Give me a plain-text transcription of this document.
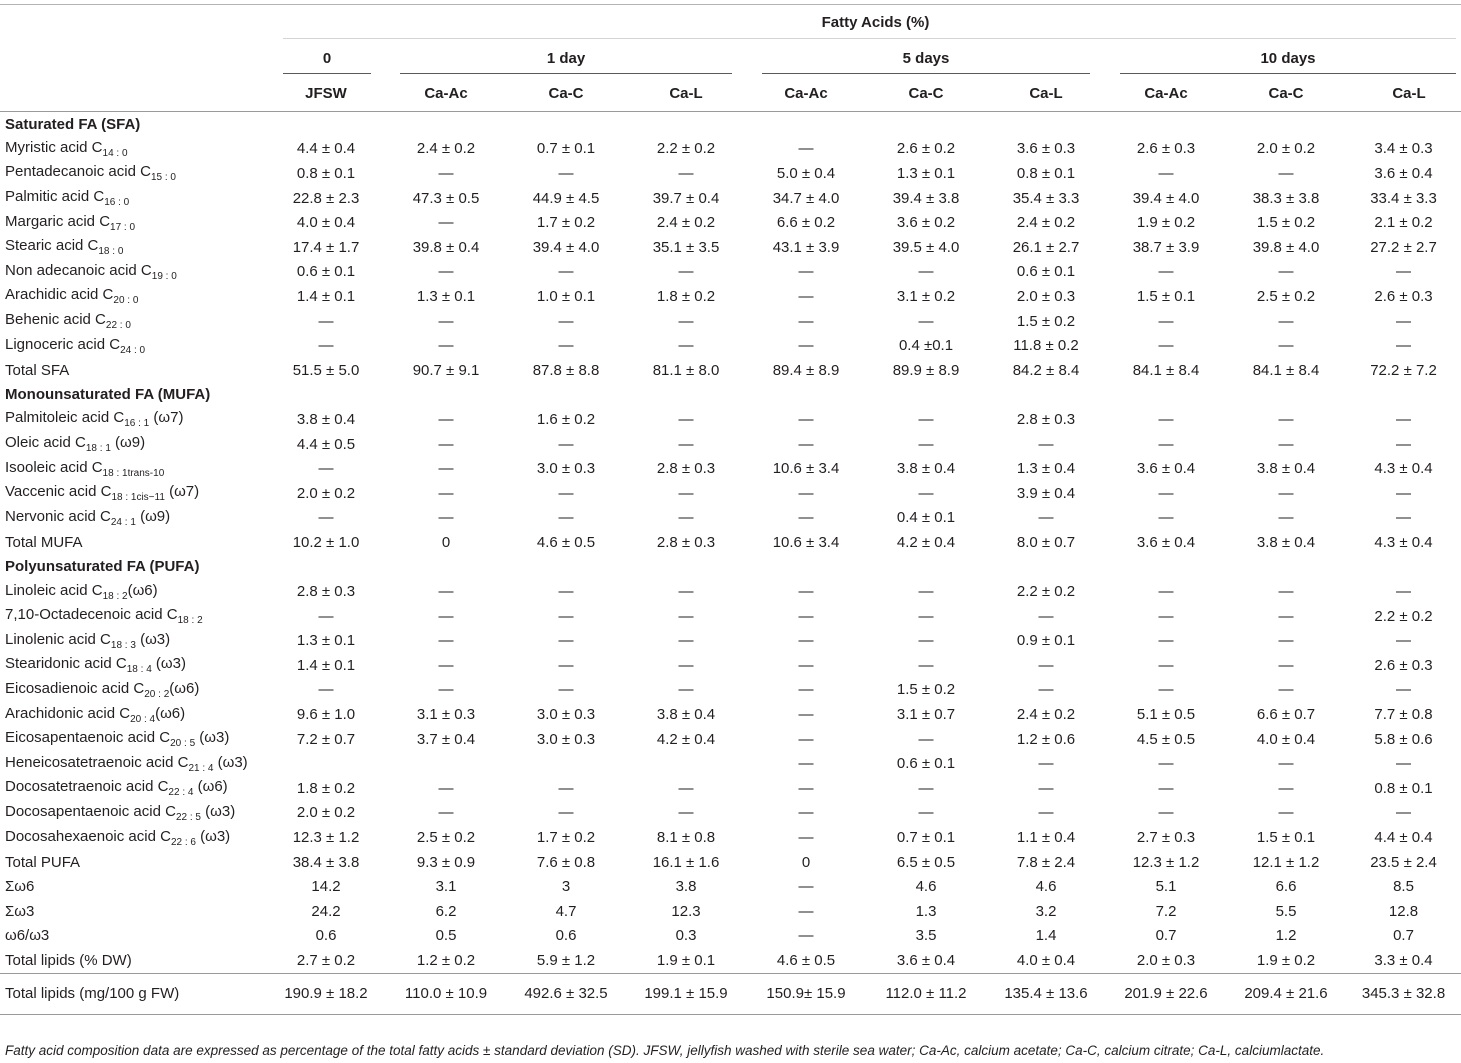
Fatty Acids (%)
0	1 day	5 days	10 days
JFSW	Ca-Ac	Ca-C	Ca-L	Ca-Ac	Ca-C	Ca-L	Ca-Ac	Ca-C	Ca-L
Saturated FA (SFA)										
Myristic acid $C_{14 : 0}$	4.4 ± 0.4	2.4 ± 0.2	0.7 ± 0.1	2.2 ± 0.2	—	2.6 ± 0.2	3.6 ± 0.3	2.6 ± 0.3	2.0 ± 0.2	3.4 ± 0.3
Pentadecanoic acid $C_{15 : 0}$	0.8 ± 0.1	—	—	—	5.0 ± 0.4	1.3 ± 0.1	0.8 ± 0.1	—	—	3.6 ± 0.4
Palmitic acid $C_{16 : 0}$	22.8 ± 2.3	47.3 ± 0.5	44.9 ± 4.5	39.7 ± 0.4	34.7 ± 4.0	39.4 ± 3.8	35.4 ± 3.3	39.4 ± 4.0	38.3 ± 3.8	33.4 ± 3.3
Margaric acid $C_{17 : 0}$	4.0 ± 0.4	—	1.7 ± 0.2	2.4 ± 0.2	6.6 ± 0.2	3.6 ± 0.2	2.4 ± 0.2	1.9 ± 0.2	1.5 ± 0.2	2.1 ± 0.2
Stearic acid $C_{18 : 0}$	17.4 ± 1.7	39.8 ± 0.4	39.4 ± 4.0	35.1 ± 3.5	43.1 ± 3.9	39.5 ± 4.0	26.1 ± 2.7	38.7 ± 3.9	39.8 ± 4.0	27.2 ± 2.7
Non adecanoic acid $C_{19 : 0}$	0.6 ± 0.1	—	—	—	—	—	0.6 ± 0.1	—	—	—
Arachidic acid $C_{20 : 0}$	1.4 ± 0.1	1.3 ± 0.1	1.0 ± 0.1	1.8 ± 0.2	—	3.1 ± 0.2	2.0 ± 0.3	1.5 ± 0.1	2.5 ± 0.2	2.6 ± 0.3
Behenic acid $C_{22 : 0}$	—	—	—	—	—	—	1.5 ± 0.2	—	—	—
Lignoceric acid $C_{24 : 0}$	—	—	—	—	—	0.4 ±0.1	11.8 ± 0.2	—	—	—
Total SFA	51.5 ± 5.0	90.7 ± 9.1	87.8 ± 8.8	81.1 ± 8.0	89.4 ± 8.9	89.9 ± 8.9	84.2 ± 8.4	84.1 ± 8.4	84.1 ± 8.4	72.2 ± 7.2
Monounsaturated FA (MUFA)										
Palmitoleic acid $C_{16 : 1}$ (ω7)	3.8 ± 0.4	—	1.6 ± 0.2	—	—	—	2.8 ± 0.3	—	—	—
Oleic acid $C_{18 : 1}$ (ω9)	4.4 ± 0.5	—	—	—	—	—	—	—	—	—
Isooleic acid $C_{18 : 1trans-10}$	—	—	3.0 ± 0.3	2.8 ± 0.3	10.6 ± 3.4	3.8 ± 0.4	1.3 ± 0.4	3.6 ± 0.4	3.8 ± 0.4	4.3 ± 0.4
Vaccenic acid $C_{18 : 1cis-11}$ (ω7)	2.0 ± 0.2	—	—	—	—	—	3.9 ± 0.4	—	—	—
Nervonic acid $C_{24 : 1}$ (ω9)	—	—	—	—	—	0.4 ± 0.1	—	—	—	—
Total MUFA	10.2 ± 1.0	0	4.6 ± 0.5	2.8 ± 0.3	10.6 ± 3.4	4.2 ± 0.4	8.0 ± 0.7	3.6 ± 0.4	3.8 ± 0.4	4.3 ± 0.4
Polyunsaturated FA (PUFA)										
Linoleic acid $C_{18 : 2}(\omega 6)$	2.8 ± 0.3	—	—	—	—	—	2.2 ± 0.2	—	—	—
7,10-Octadecenoic acid $C_{18 : 2}$	—	—	—	—	—	—	—	—	—	2.2 ± 0.2
Linolenic acid $C_{18 : 3}$ (ω3)	1.3 ± 0.1	—	—	—	—	—	0.9 ± 0.1	—	—	—
Stearidonic acid $C_{18 : 4}$ (ω3)	1.4 ± 0.1	—	—	—	—	—	—	—	—	2.6 ± 0.3
Eicosadienoic acid $C_{20 : 2}(\omega 6)$	—	—	—	—	—	1.5 ± 0.2	—	—	—	—
Arachidonic acid $C_{20 : 4}(\omega 6)$	9.6 ± 1.0	3.1 ± 0.3	3.0 ± 0.3	3.8 ± 0.4	—	3.1 ± 0.7	2.4 ± 0.2	5.1 ± 0.5	6.6 ± 0.7	7.7 ± 0.8
Eicosapentaenoic acid $C_{20 : 5}$ (ω3)	7.2 ± 0.7	3.7 ± 0.4	3.0 ± 0.3	4.2 ± 0.4	—	—	1.2 ± 0.6	4.5 ± 0.5	4.0 ± 0.4	5.8 ± 0.6
Heneicosatetraenoic acid $C_{21 : 4}$ (ω3)					—	0.6 ± 0.1	—	—	—	—
Docosatetraenoic acid $C_{22 : 4}$ (ω6)	1.8 ± 0.2	—	—	—	—	—	—	—	—	0.8 ± 0.1
Docosapentaenoic acid $C_{22 : 5}$ (ω3)	2.0 ± 0.2	—	—	—	—	—	—	—	—	—
Docosahexaenoic acid $C_{22 : 6}$ (ω3)	12.3 ± 1.2	2.5 ± 0.2	1.7 ± 0.2	8.1 ± 0.8	—	0.7 ± 0.1	1.1 ± 0.4	2.7 ± 0.3	1.5 ± 0.1	4.4 ± 0.4
Total PUFA	38.4 ± 3.8	9.3 ± 0.9	7.6 ± 0.8	16.1 ± 1.6	0	6.5 ± 0.5	7.8 ± 2.4	12.3 ± 1.2	12.1 ± 1.2	23.5 ± 2.4
Σω6	14.2	3.1	3	3.8	—	4.6	4.6	5.1	6.6	8.5
Σω3	24.2	6.2	4.7	12.3	—	1.3	3.2	7.2	5.5	12.8
ω6/ω3	0.6	0.5	0.6	0.3	—	3.5	1.4	0.7	1.2	0.7
Total lipids (% DW)	2.7 ± 0.2	1.2 ± 0.2	5.9 ± 1.2	1.9 ± 0.1	4.6 ± 0.5	3.6 ± 0.4	4.0 ± 0.4	2.0 ± 0.3	1.9 ± 0.2	3.3 ± 0.4
Total lipids (mg/100 g FW)	190.9 ± 18.2	110.0 ± 10.9	492.6 ± 32.5	199.1 ± 15.9	150.9± 15.9	112.0 ± 11.2	135.4 ± 13.6	201.9 ± 22.6	209.4 ± 21.6	345.3 ± 32.8
Fatty acid composition data are expressed as percentage of the total fatty acids ± standard deviation (SD). JFSW, jellyfish washed with sterile sea water; Ca-Ac, calcium acetate; Ca-C, calcium citrate; Ca-L, calciumlactate.
